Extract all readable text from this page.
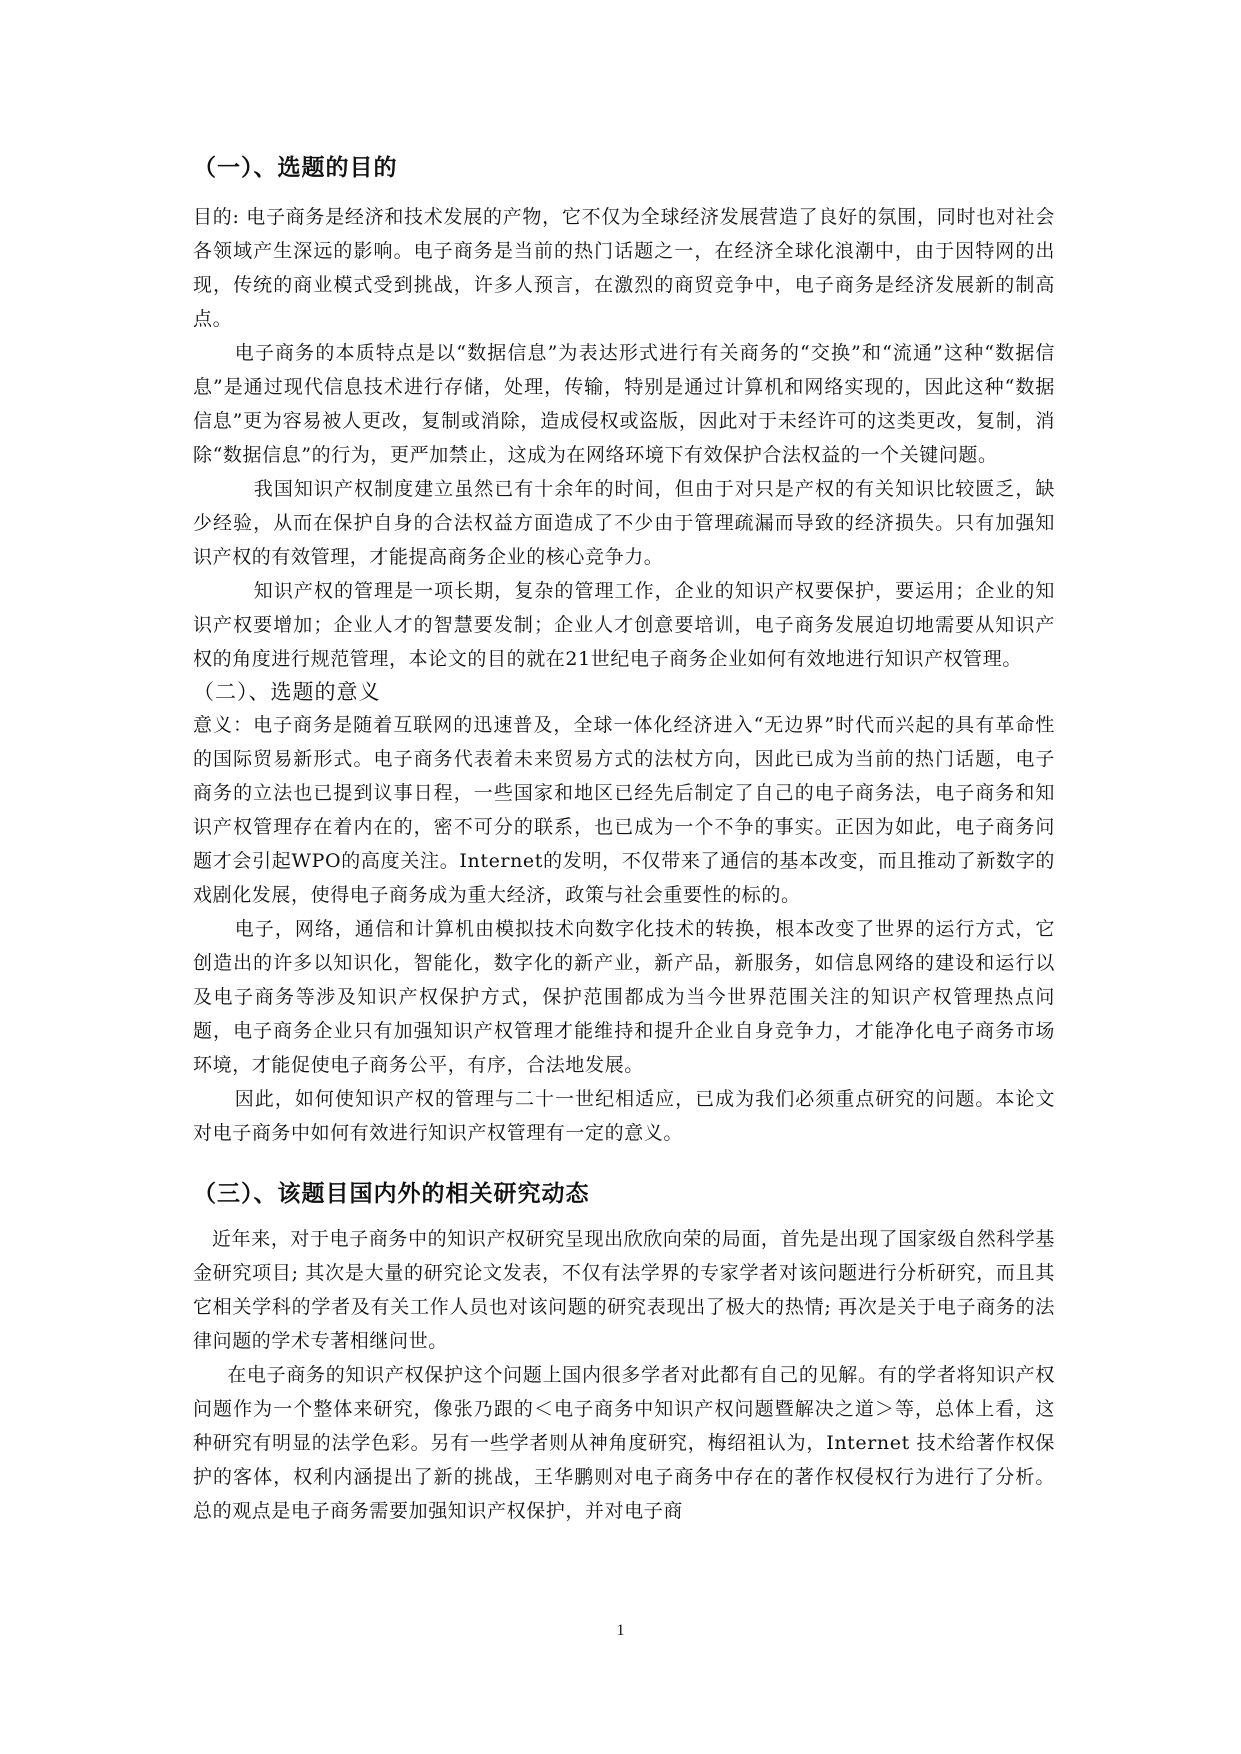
（一）、选题的目的

目的: 电子商务是经济和技术发展的产物，它不仅为全球经济发展营造了良好的氛围，同时也对社会各领域产生深远的影响。电子商务是当前的热门话题之一，在经济全球化浪潮中，由于因特网的出现，传统的商业模式受到挑战，许多人预言，在激烈的商贸竞争中，电子商务是经济发展新的制高点。

电子商务的本质特点是以“数据信息”为表达形式进行有关商务的“交换”和“流通”这种“数据信息”是通过现代信息技术进行存储，处理，传输，特别是通过计算机和网络实现的，因此这种“数据信息”更为容易被人更改，复制或消除，造成侵权或盗版，因此对于未经许可的这类更改，复制，消除“数据信息”的行为，更严加禁止，这成为在网络环境下有效保护合法权益的一个关键问题。

我国知识产权制度建立虽然已有十余年的时间，但由于对只是产权的有关知识比较匮乏，缺少经验，从而在保护自身的合法权益方面造成了不少由于管理疏漏而导致的经济损失。只有加强知识产权的有效管理，才能提高商务企业的核心竞争力。

知识产权的管理是一项长期，复杂的管理工作，企业的知识产权要保护，要运用；企业的知识产权要增加；企业人才的智慧要发制；企业人才创意要培训，电子商务发展迫切地需要从知识产权的角度进行规范管理，本论文的目的就在21世纪电子商务企业如何有效地进行知识产权管理。

（二）、选题的意义

意义：电子商务是随着互联网的迅速普及，全球一体化经济进入“无边界”时代而兴起的具有革命性的国际贸易新形式。电子商务代表着未来贸易方式的法杖方向，因此已成为当前的热门话题，电子商务的立法也已提到议事日程，一些国家和地区已经先后制定了自己的电子商务法，电子商务和知识产权管理存在着内在的，密不可分的联系，也已成为一个不争的事实。正因为如此，电子商务问题才会引起WPO的高度关注。Internet的发明，不仅带来了通信的基本改变，而且推动了新数字的戏剧化发展，使得电子商务成为重大经济，政策与社会重要性的标的。

电子，网络，通信和计算机由模拟技术向数字化技术的转换，根本改变了世界的运行方式，它创造出的许多以知识化，智能化，数字化的新产业，新产品，新服务，如信息网络的建设和运行以及电子商务等涉及知识产权保护方式，保护范围都成为当今世界范围关注的知识产权管理热点问题，电子商务企业只有加强知识产权管理才能维持和提升企业自身竞争力，才能净化电子商务市场环境，才能促使电子商务公平，有序，合法地发展。

因此，如何使知识产权的管理与二十一世纪相适应，已成为我们必须重点研究的问题。本论文对电子商务中如何有效进行知识产权管理有一定的意义。

（三）、该题目国内外的相关研究动态

近年来，对于电子商务中的知识产权研究呈现出欣欣向荣的局面，首先是出现了国家级自然科学基金研究项目; 其次是大量的研究论文发表，不仅有法学界的专家学者对该问题进行分析研究，而且其它相关学科的学者及有关工作人员也对该问题的研究表现出了极大的热情; 再次是关于电子商务的法律问题的学术专著相继问世。

在电子商务的知识产权保护这个问题上国内很多学者对此都有自己的见解。有的学者将知识产权问题作为一个整体来研究，像张乃跟的＜电子商务中知识产权问题暨解决之道＞等，总体上看，这种研究有明显的法学色彩。另有一些学者则从神角度研究，梅绍祖认为，Internet 技术给著作权保护的客体，权利内涵提出了新的挑战，王华鹏则对电子商务中存在的著作权侵权行为进行了分析。总的观点是电子商务需要加强知识产权保护，并对电子商

1
